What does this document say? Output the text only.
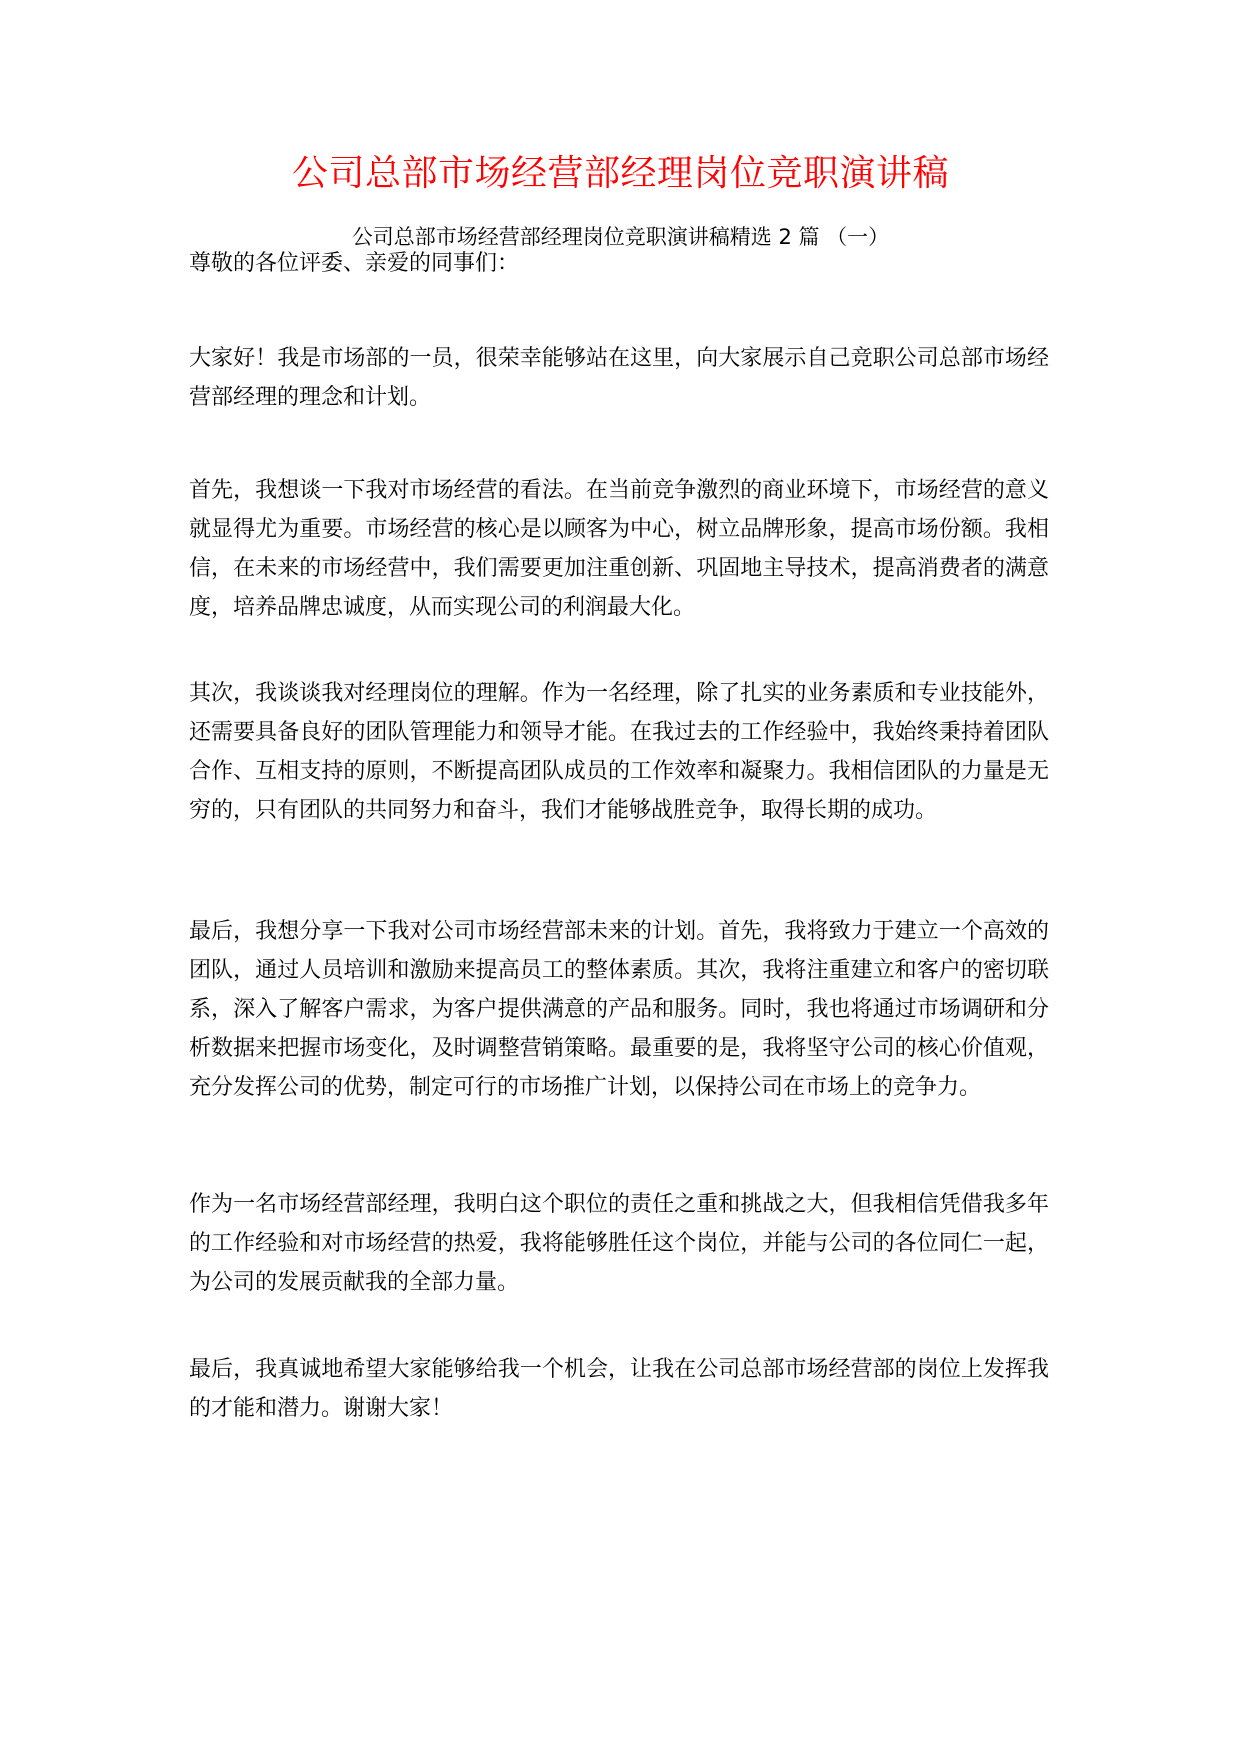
公司总部市场经营部经理岗位竞职演讲稿
公司总部市场经营部经理岗位竞职演讲稿精选 2 篇 （一）

尊敬的各位评委、亲爱的同事们：

大家好！我是市场部的一员，很荣幸能够站在这里，向大家展示自己竞职公司总部市场经营部经理的理念和计划。

首先，我想谈一下我对市场经营的看法。在当前竞争激烈的商业环境下，市场经营的意义就显得尤为重要。市场经营的核心是以顾客为中心，树立品牌形象，提高市场份额。我相信，在未来的市场经营中，我们需要更加注重创新、巩固地主导技术，提高消费者的满意度，培养品牌忠诚度，从而实现公司的利润最大化。

其次，我谈谈我对经理岗位的理解。作为一名经理，除了扎实的业务素质和专业技能外，还需要具备良好的团队管理能力和领导才能。在我过去的工作经验中，我始终秉持着团队合作、互相支持的原则，不断提高团队成员的工作效率和凝聚力。我相信团队的力量是无穷的，只有团队的共同努力和奋斗，我们才能够战胜竞争，取得长期的成功。

最后，我想分享一下我对公司市场经营部未来的计划。首先，我将致力于建立一个高效的团队，通过人员培训和激励来提高员工的整体素质。其次，我将注重建立和客户的密切联系，深入了解客户需求，为客户提供满意的产品和服务。同时，我也将通过市场调研和分析数据来把握市场变化，及时调整营销策略。最重要的是，我将坚守公司的核心价值观，充分发挥公司的优势，制定可行的市场推广计划，以保持公司在市场上的竞争力。

作为一名市场经营部经理，我明白这个职位的责任之重和挑战之大，但我相信凭借我多年的工作经验和对市场经营的热爱，我将能够胜任这个岗位，并能与公司的各位同仁一起，为公司的发展贡献我的全部力量。

最后，我真诚地希望大家能够给我一个机会，让我在公司总部市场经营部的岗位上发挥我的才能和潜力。谢谢大家！
